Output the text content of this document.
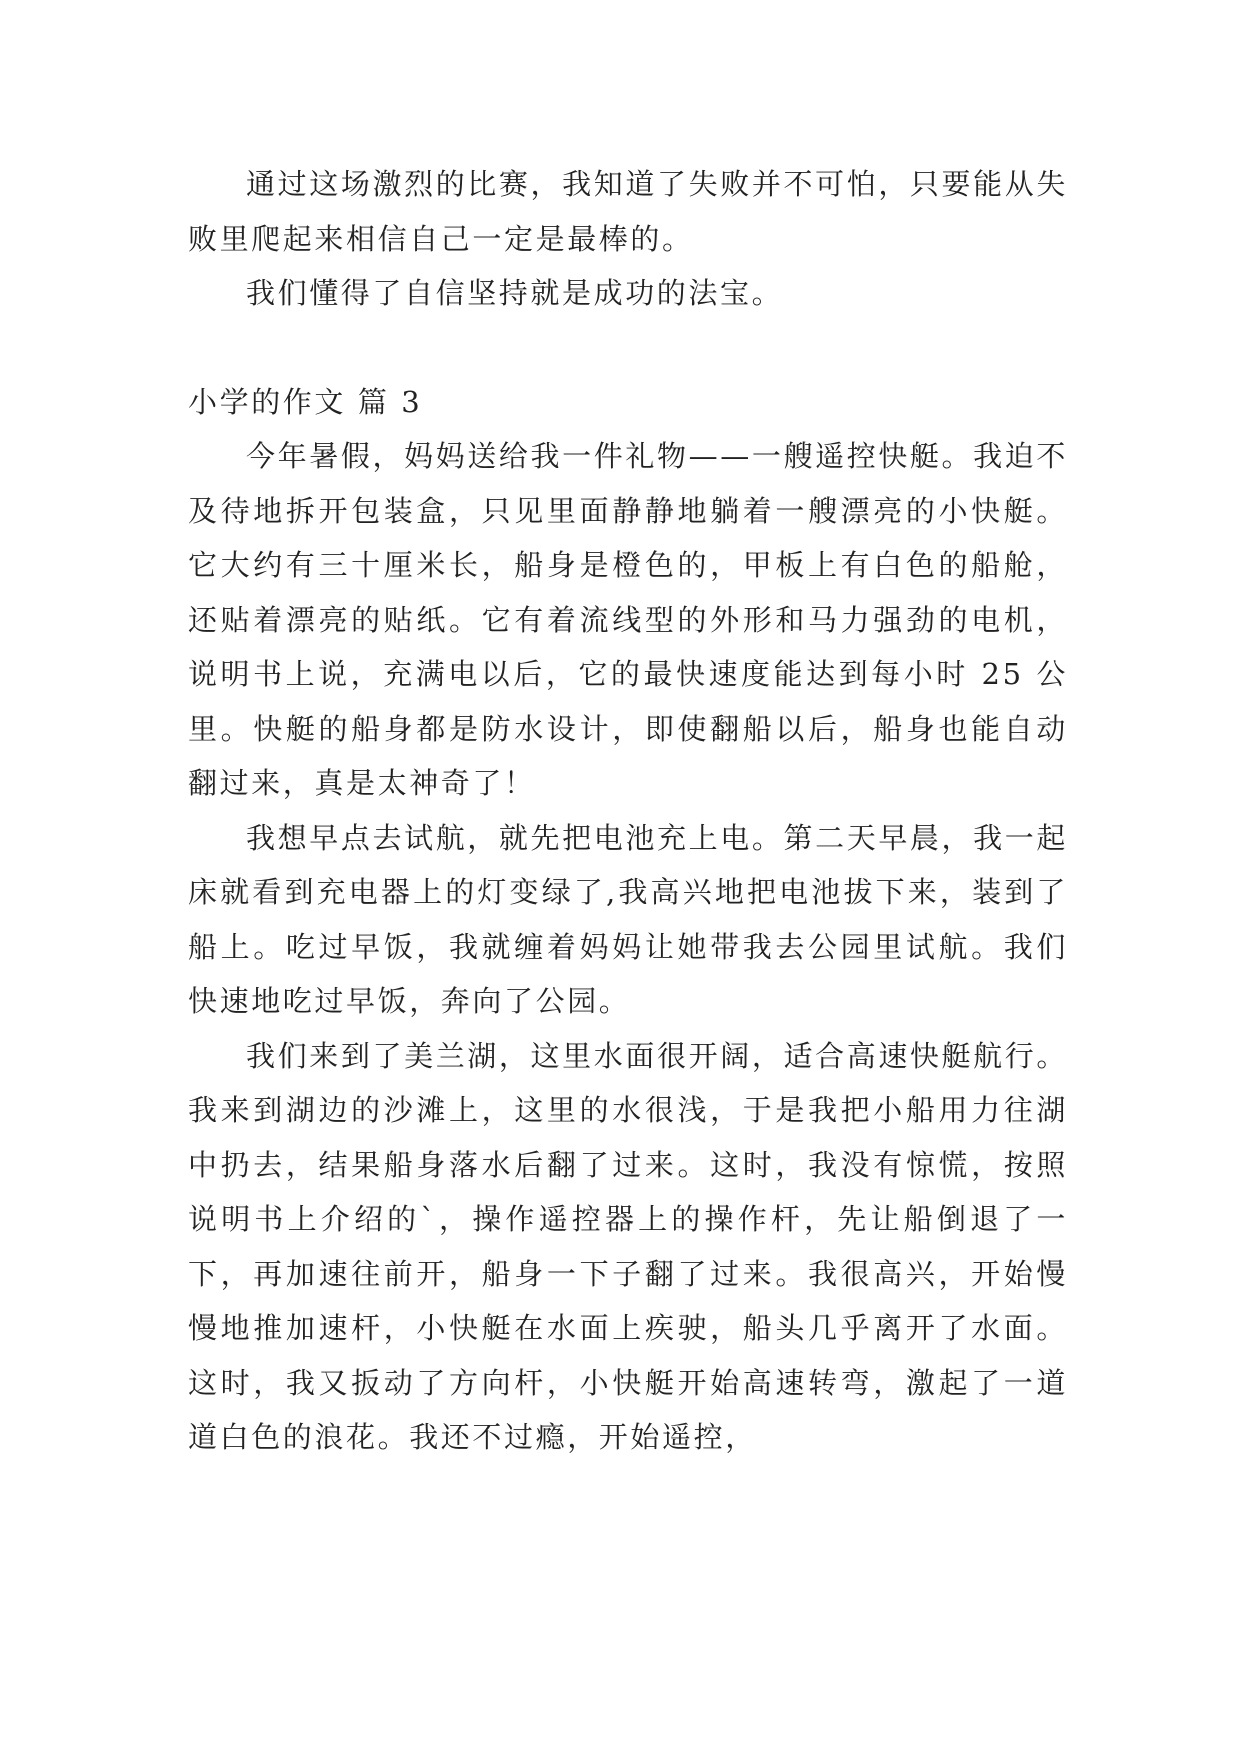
通过这场激烈的比赛，我知道了失败并不可怕，只要能从失败里爬起来相信自己一定是最棒的。

我们懂得了自信坚持就是成功的法宝。

小学的作文 篇 3

今年暑假，妈妈送给我一件礼物——一艘遥控快艇。我迫不及待地拆开包装盒，只见里面静静地躺着一艘漂亮的小快艇。它大约有三十厘米长，船身是橙色的，甲板上有白色的船舱，还贴着漂亮的贴纸。它有着流线型的外形和马力强劲的电机，说明书上说，充满电以后，它的最快速度能达到每小时 25 公里。快艇的船身都是防水设计，即使翻船以后，船身也能自动翻过来，真是太神奇了！

我想早点去试航，就先把电池充上电。第二天早晨，我一起床就看到充电器上的灯变绿了,我高兴地把电池拔下来，装到了船上。吃过早饭，我就缠着妈妈让她带我去公园里试航。我们快速地吃过早饭，奔向了公园。

我们来到了美兰湖，这里水面很开阔，适合高速快艇航行。我来到湖边的沙滩上，这里的水很浅，于是我把小船用力往湖中扔去，结果船身落水后翻了过来。这时，我没有惊慌，按照说明书上介绍的`，操作遥控器上的操作杆，先让船倒退了一下，再加速往前开，船身一下子翻了过来。我很高兴，开始慢慢地推加速杆，小快艇在水面上疾驶，船头几乎离开了水面。这时，我又扳动了方向杆，小快艇开始高速转弯，激起了一道道白色的浪花。我还不过瘾，开始遥控，
